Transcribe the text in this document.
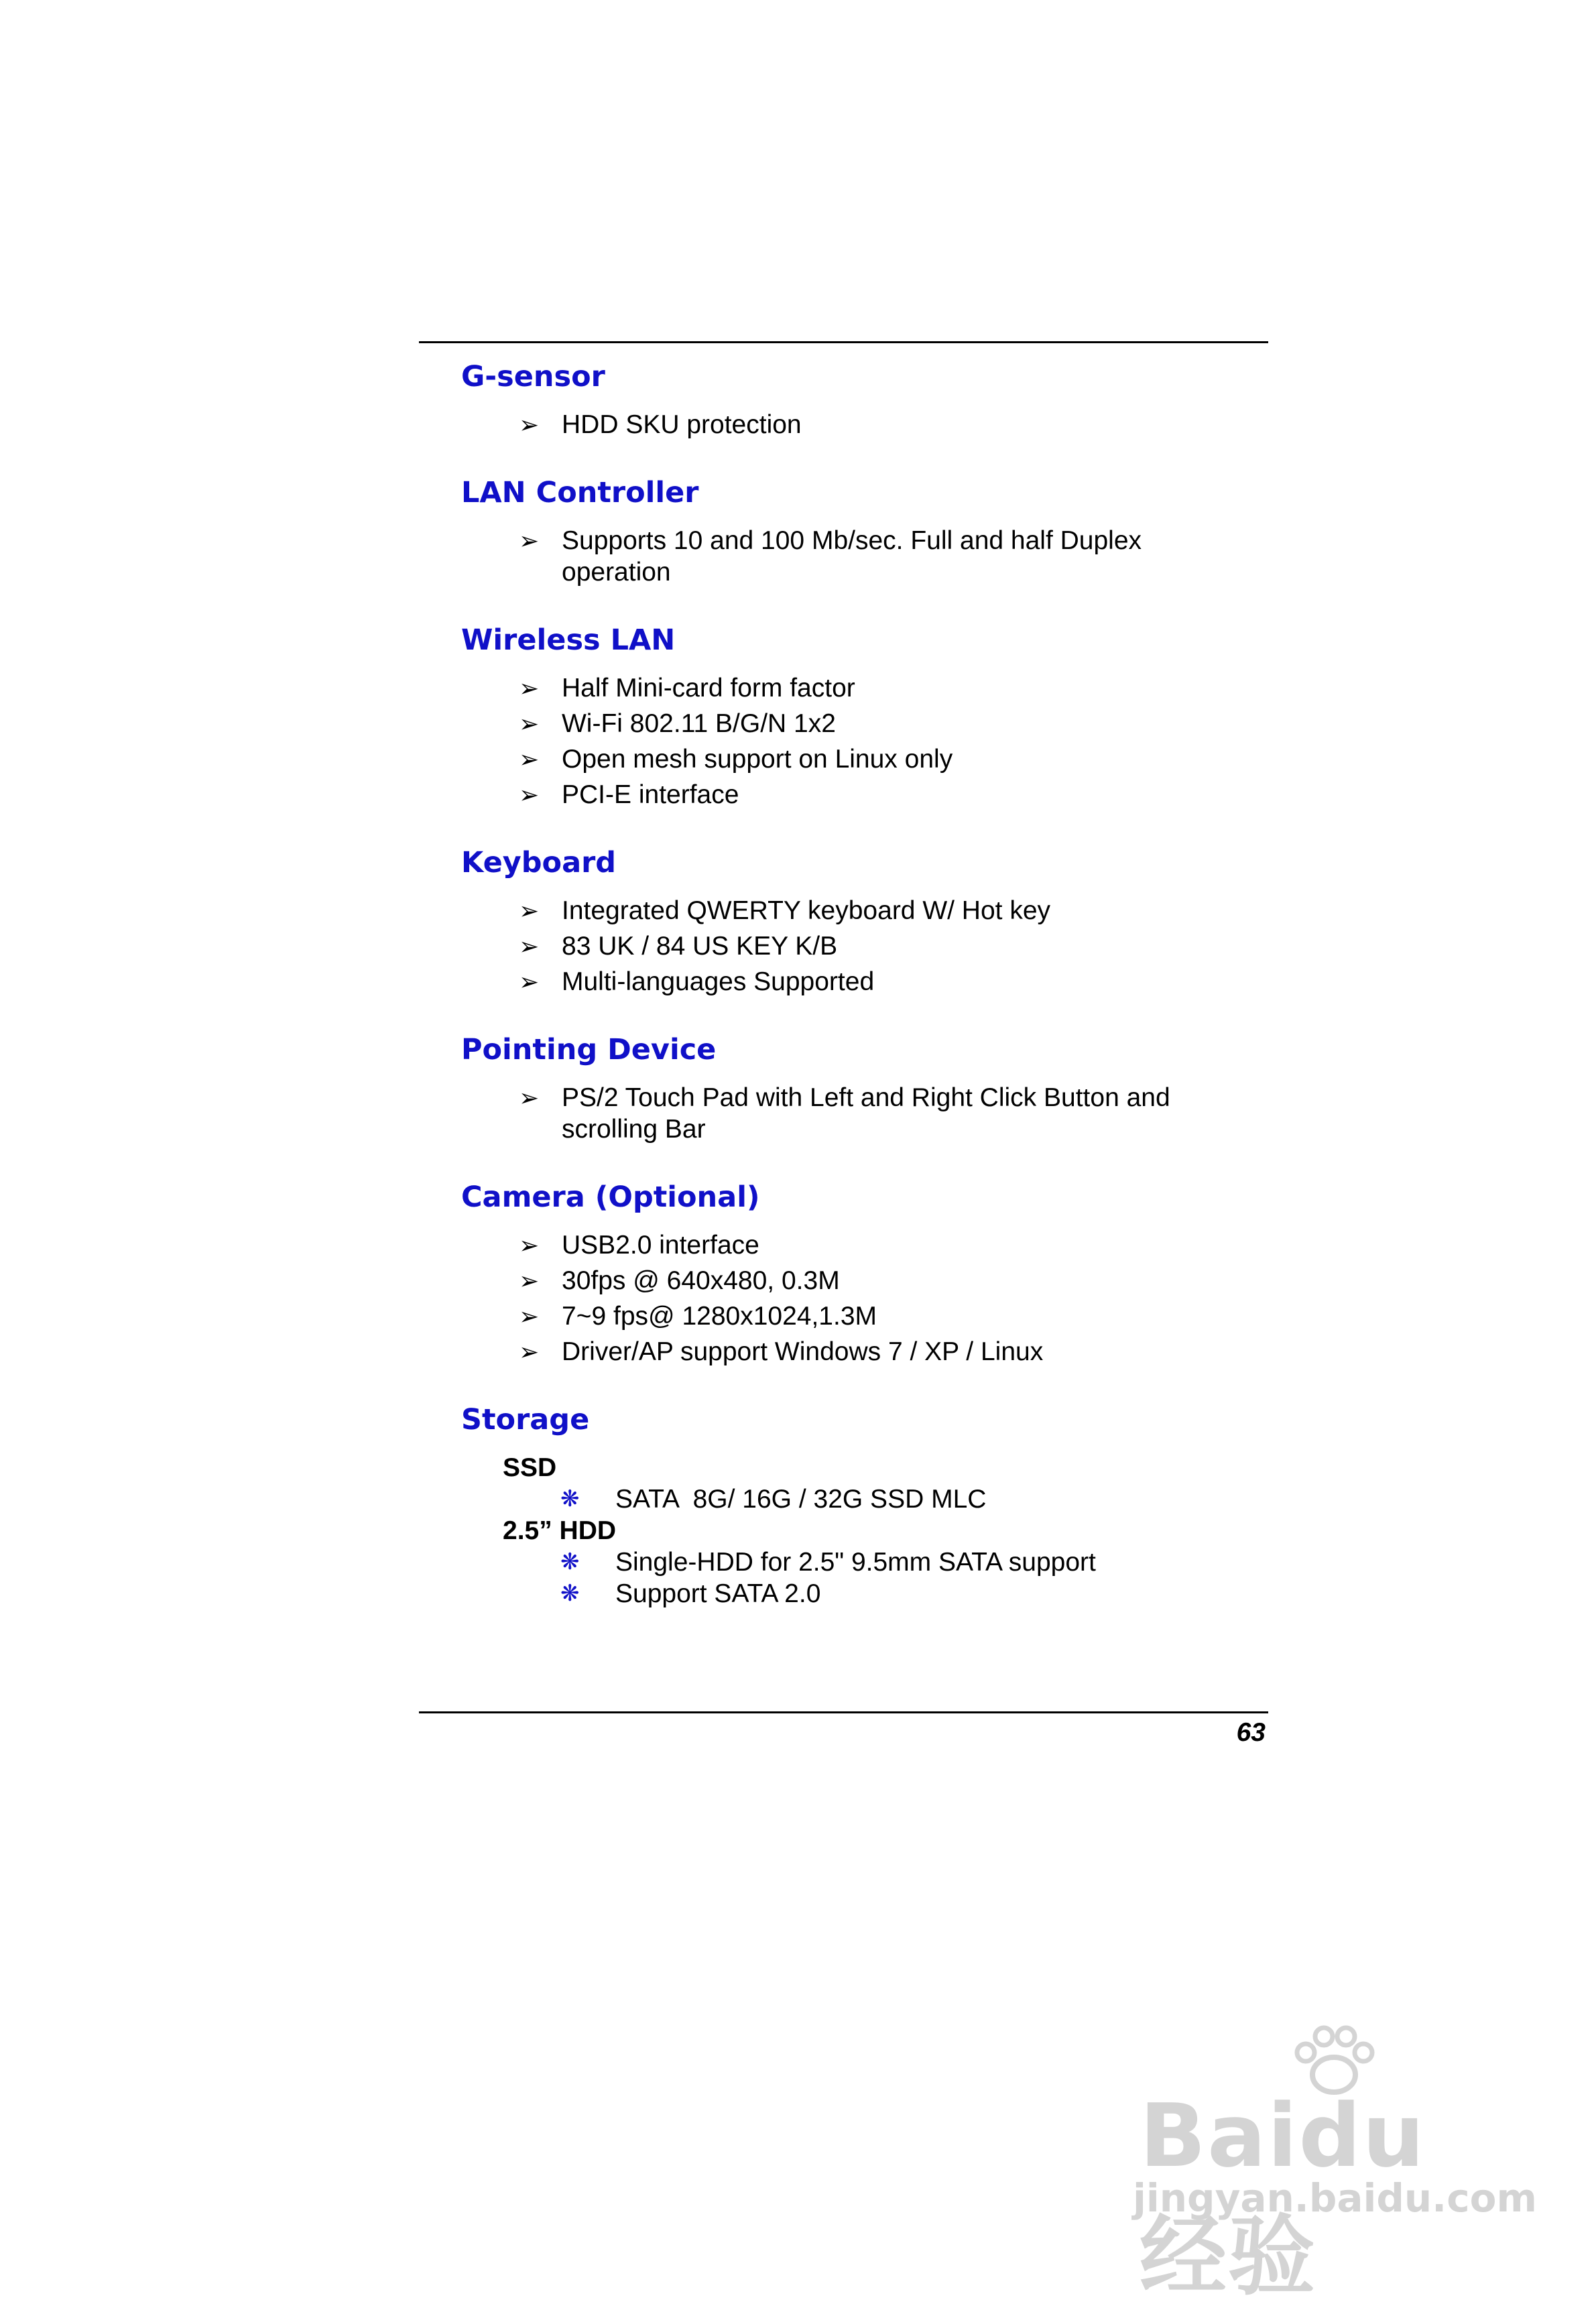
G-sensor
➢ HDD SKU protection
LAN Controller
➢ Supports 10 and 100 Mb/sec. Full and half Duplex
operation
Wireless LAN
➢ Half Mini-card form factor
➢ Wi-Fi 802.11 B/G/N 1x2
➢ Open mesh support on Linux only
➢ PCI-E interface
Keyboard
➢ Integrated QWERTY keyboard W/ Hot key
➢ 83 UK / 84 US KEY K/B
➢ Multi-languages Supported
Pointing Device
➢ PS/2 Touch Pad with Left and Right Click Button and
scrolling Bar
Camera (Optional)
➢ USB2.0 interface
➢ 30fps @ 640x480, 0.3M
➢ 7~9 fps@ 1280x1024,1.3M
➢ Driver/AP support Windows 7 / XP / Linux
Storage
SSD
❋ SATA  8G/ 16G / 32G SSD MLC
2.5” HDD
❋ Single-HDD for 2.5" 9.5mm SATA support
❋ Support SATA 2.0
63
Baidu 经验
jingyan.baidu.com
